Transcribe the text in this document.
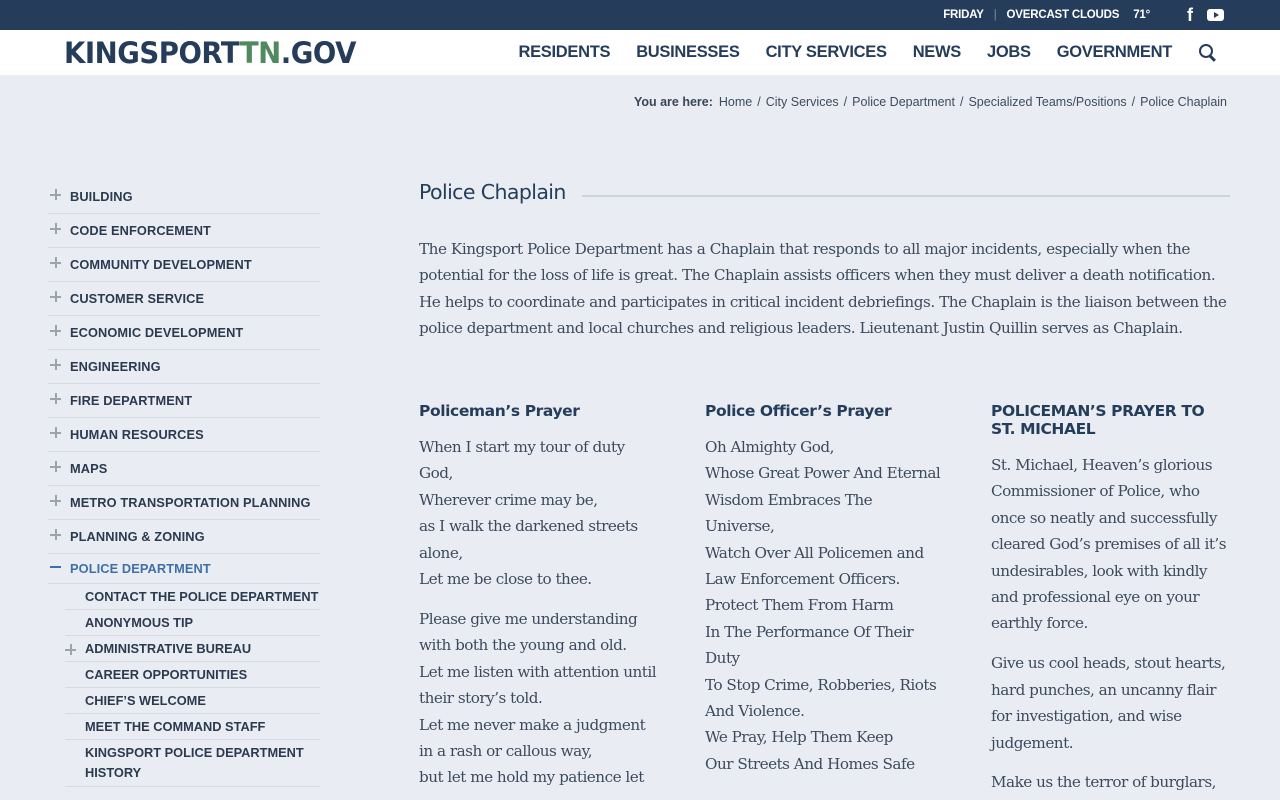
FRIDAY | OVERCAST CLOUDS 71° f
KINGSPORTTN.GOV	RESIDENTS BUSINESSES CITY SERVICES NEWS JOBS GOVERNMENT
You are here: Home / City Services / Police Department / Specialized Teams/Positions / Police Chaplain
BUILDING
CODE ENFORCEMENT
COMMUNITY DEVELOPMENT
CUSTOMER SERVICE
ECONOMIC DEVELOPMENT
ENGINEERING
FIRE DEPARTMENT
HUMAN RESOURCES
MAPS
METRO TRANSPORTATION PLANNING
PLANNING & ZONING
POLICE DEPARTMENT
CONTACT THE POLICE DEPARTMENT
ANONYMOUS TIP
ADMINISTRATIVE BUREAU
CAREER OPPORTUNITIES
CHIEF’S WELCOME
MEET THE COMMAND STAFF
KINGSPORT POLICE DEPARTMENT HISTORY
Police Chaplain

The Kingsport Police Department has a Chaplain that responds to all major incidents, especially when the potential for the loss of life is great. The Chaplain assists officers when they must deliver a death notification. He helps to coordinate and participates in critical incident debriefings. The Chaplain is the liaison between the police department and local churches and religious leaders. Lieutenant Justin Quillin serves as Chaplain.

Policeman’s Prayer

When I start my tour of duty God,
Wherever crime may be,
as I walk the darkened streets alone,
Let me be close to thee.

Please give me understanding with both the young and old.
Let me listen with attention until their story’s told.
Let me never make a judgment in a rash or callous way,
but let me hold my patience let

Police Officer’s Prayer

Oh Almighty God,
Whose Great Power And Eternal
Wisdom Embraces The Universe,
Watch Over All Policemen and Law Enforcement Officers.
Protect Them From Harm
In The Performance Of Their Duty
To Stop Crime, Robberies, Riots And Violence.
We Pray, Help Them Keep
Our Streets And Homes Safe

POLICEMAN’S PRAYER TO ST. MICHAEL

St. Michael, Heaven’s glorious Commissioner of Police, who once so neatly and successfully cleared God’s premises of all it’s undesirables, look with kindly and professional eye on your earthly force.

Give us cool heads, stout hearts, hard punches, an uncanny flair for investigation, and wise judgement.

Make us the terror of burglars,
